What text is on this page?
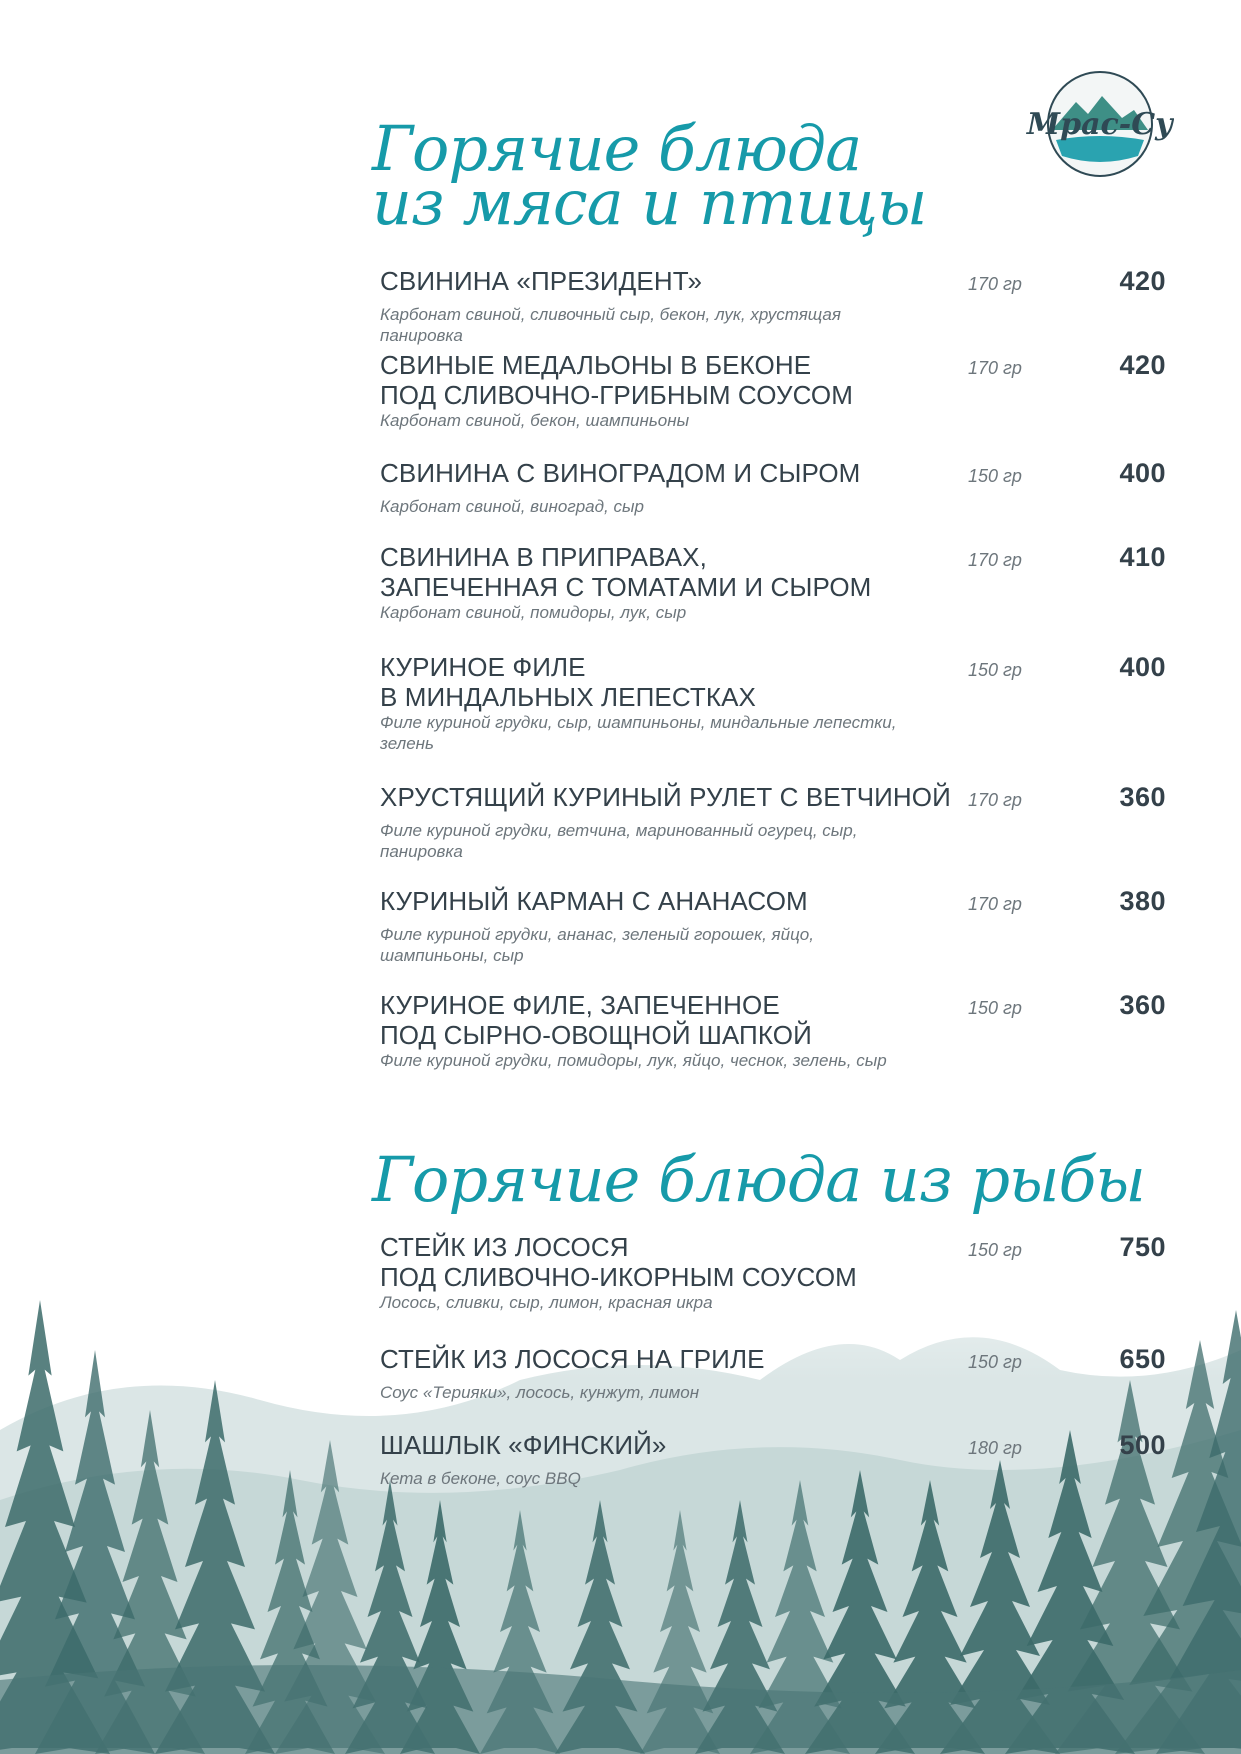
Мрас-Су
Горячие блюда
из мяса и птицы
СВИНИНА «ПРЕЗИДЕНТ»
Карбонат свиной, сливочный сыр, бекон, лук, хрустящая панировка
170 гр	420
СВИНЫЕ МЕДАЛЬОНЫ В БЕКОНЕ
ПОД СЛИВОЧНО-ГРИБНЫМ СОУСОМ
Карбонат свиной, бекон, шампиньоны
170 гр	420
СВИНИНА С ВИНОГРАДОМ И СЫРОМ
Карбонат свиной, виноград, сыр
150 гр	400
СВИНИНА В ПРИПРАВАХ,
ЗАПЕЧЕННАЯ С ТОМАТАМИ И СЫРОМ
Карбонат свиной, помидоры, лук, сыр
170 гр	410
КУРИНОЕ ФИЛЕ
В МИНДАЛЬНЫХ ЛЕПЕСТКАХ
Филе куриной грудки, сыр, шампиньоны, миндальные лепестки, зелень
150 гр	400
ХРУСТЯЩИЙ КУРИНЫЙ РУЛЕТ С ВЕТЧИНОЙ
Филе куриной грудки, ветчина, маринованный огурец, сыр, панировка
170 гр	360
КУРИНЫЙ КАРМАН С АНАНАСОМ
Филе куриной грудки, ананас, зеленый горошек, яйцо, шампиньоны, сыр
170 гр	380
КУРИНОЕ ФИЛЕ, ЗАПЕЧЕННОЕ
ПОД СЫРНО-ОВОЩНОЙ ШАПКОЙ
Филе куриной грудки, помидоры, лук, яйцо, чеснок, зелень, сыр
150 гр	360
Горячие блюда из рыбы
СТЕЙК ИЗ ЛОСОСЯ
ПОД СЛИВОЧНО-ИКОРНЫМ СОУСОМ
Лосось, сливки, сыр, лимон, красная икра
150 гр	750
СТЕЙК ИЗ ЛОСОСЯ НА ГРИЛЕ
Соус «Терияки», лосось, кунжут, лимон
150 гр	650
ШАШЛЫК «ФИНСКИЙ»
Кета в беконе, соус BBQ
180 гр	500
